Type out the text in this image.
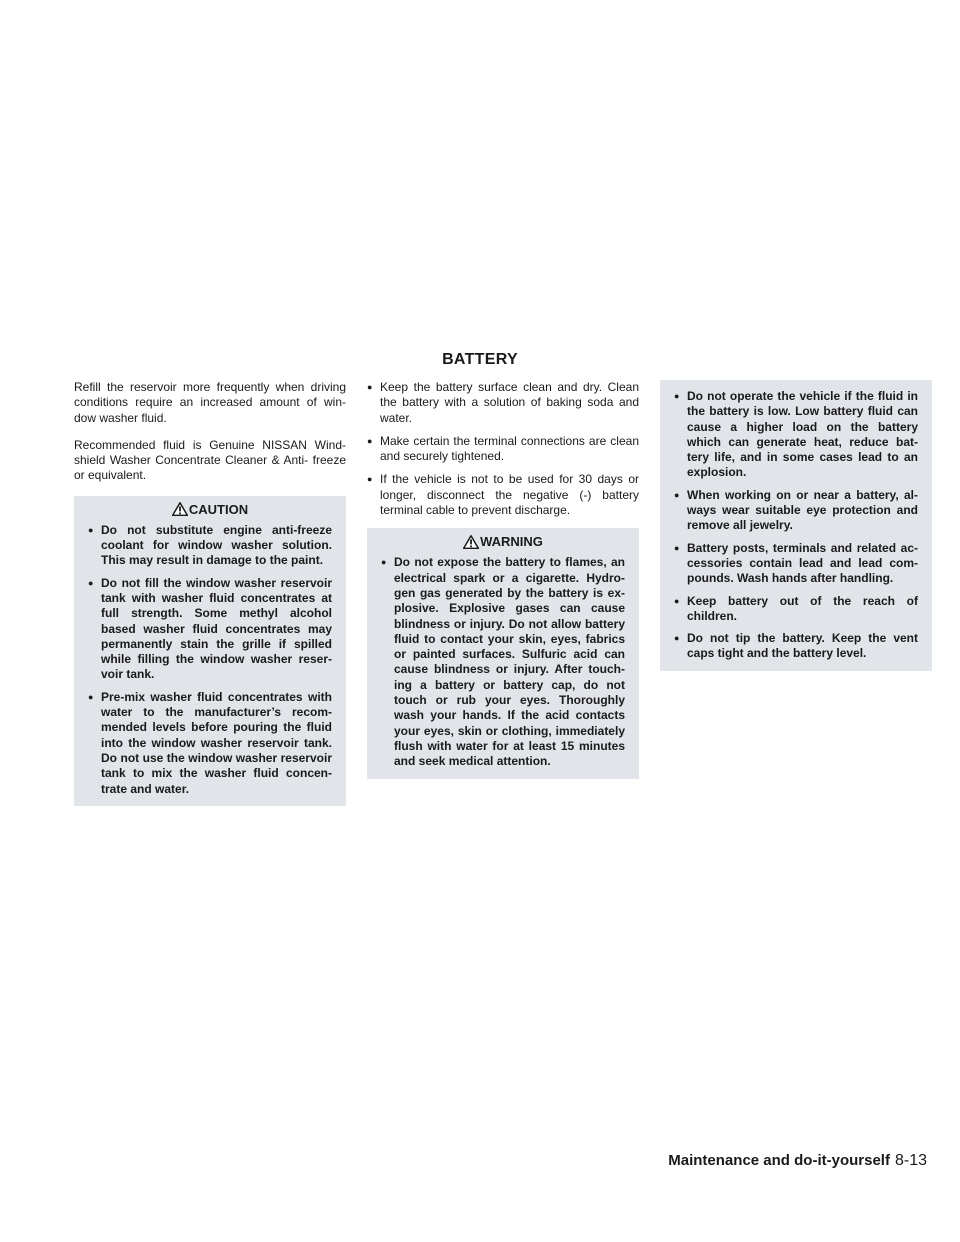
BATTERY

Refill the reservoir more frequently when driving conditions require an increased amount of win- dow washer fluid.

Recommended fluid is Genuine NISSAN Wind- shield Washer Concentrate Cleaner & Anti- freeze or equivalent.

CAUTION
● Do not substitute engine anti-freeze coolant for window washer solution. This may result in damage to the paint.
● Do not fill the window washer reservoir tank with washer fluid concentrates at full strength. Some methyl alcohol based washer fluid concentrates may permanently stain the grille if spilled while filling the window washer reser- voir tank.
● Pre-mix washer fluid concentrates with water to the manufacturer’s recom- mended levels before pouring the fluid into the window washer reservoir tank. Do not use the window washer reservoir tank to mix the washer fluid concen- trate and water.
● Keep the battery surface clean and dry. Clean the battery with a solution of baking soda and water.
● Make certain the terminal connections are clean and securely tightened.
● If the vehicle is not to be used for 30 days or longer, disconnect the negative (-) battery terminal cable to prevent discharge.
WARNING
● Do not expose the battery to flames, an electrical spark or a cigarette. Hydro- gen gas generated by the battery is ex- plosive. Explosive gases can cause blindness or injury. Do not allow battery fluid to contact your skin, eyes, fabrics or painted surfaces. Sulfuric acid can cause blindness or injury. After touch- ing a battery or battery cap, do not touch or rub your eyes. Thoroughly wash your hands. If the acid contacts your eyes, skin or clothing, immediately flush with water for at least 15 minutes and seek medical attention.
● Do not operate the vehicle if the fluid in the battery is low. Low battery fluid can cause a higher load on the battery which can generate heat, reduce bat- tery life, and in some cases lead to an explosion.
● When working on or near a battery, al- ways wear suitable eye protection and remove all jewelry.
● Battery posts, terminals and related ac- cessories contain lead and lead com- pounds. Wash hands after handling.
● Keep battery out of the reach of children.
● Do not tip the battery. Keep the vent caps tight and the battery level.
Maintenance and do-it-yourself 8-13
